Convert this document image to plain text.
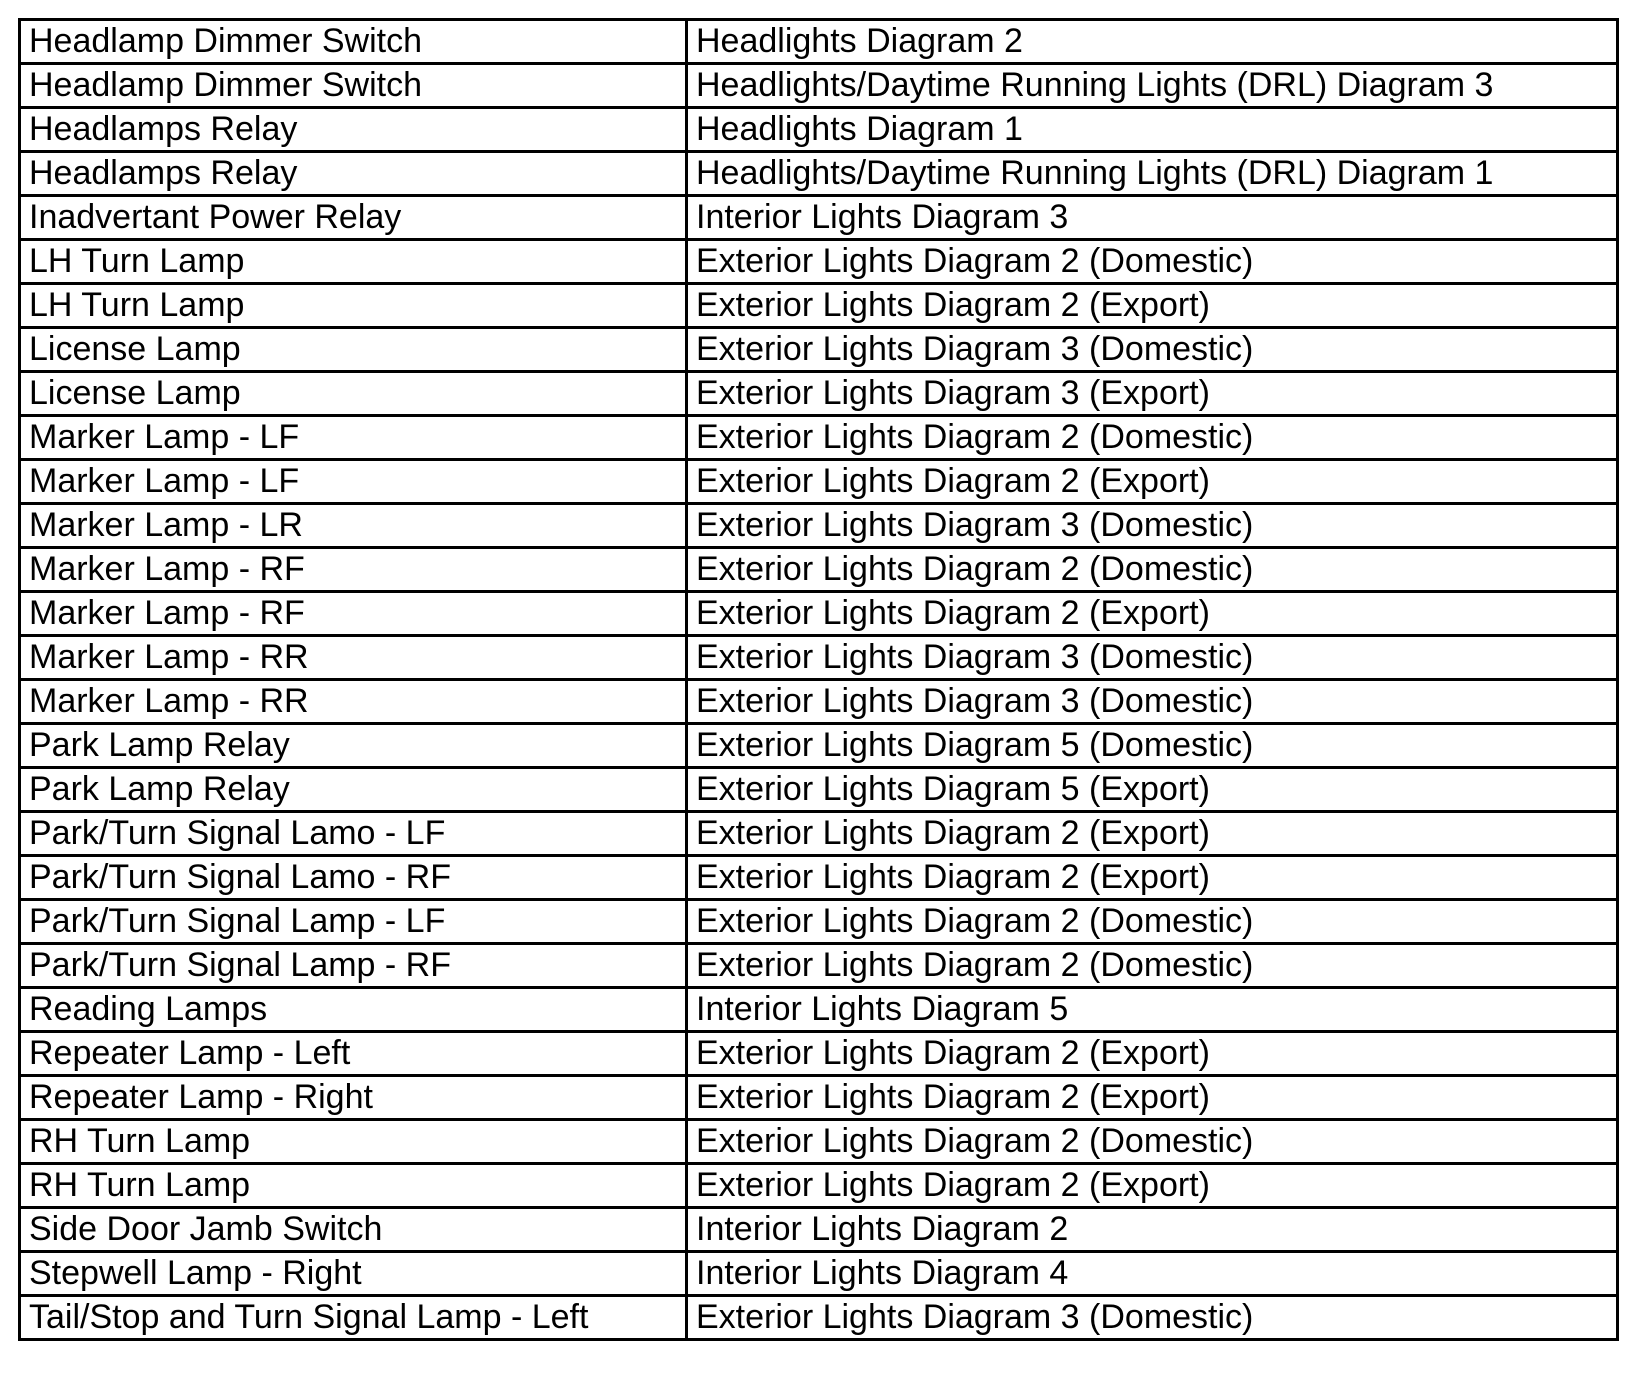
Headlamp Dimmer Switch	Headlights Diagram 2
Headlamp Dimmer Switch	Headlights/Daytime Running Lights (DRL) Diagram 3
Headlamps Relay	Headlights Diagram 1
Headlamps Relay	Headlights/Daytime Running Lights (DRL) Diagram 1
Inadvertant Power Relay	Interior Lights Diagram 3
LH Turn Lamp	Exterior Lights Diagram 2 (Domestic)
LH Turn Lamp	Exterior Lights Diagram 2 (Export)
License Lamp	Exterior Lights Diagram 3 (Domestic)
License Lamp	Exterior Lights Diagram 3 (Export)
Marker Lamp - LF	Exterior Lights Diagram 2 (Domestic)
Marker Lamp - LF	Exterior Lights Diagram 2 (Export)
Marker Lamp - LR	Exterior Lights Diagram 3 (Domestic)
Marker Lamp - RF	Exterior Lights Diagram 2 (Domestic)
Marker Lamp - RF	Exterior Lights Diagram 2 (Export)
Marker Lamp - RR	Exterior Lights Diagram 3 (Domestic)
Marker Lamp - RR	Exterior Lights Diagram 3 (Domestic)
Park Lamp Relay	Exterior Lights Diagram 5 (Domestic)
Park Lamp Relay	Exterior Lights Diagram 5 (Export)
Park/Turn Signal Lamo - LF	Exterior Lights Diagram 2 (Export)
Park/Turn Signal Lamo - RF	Exterior Lights Diagram 2 (Export)
Park/Turn Signal Lamp - LF	Exterior Lights Diagram 2 (Domestic)
Park/Turn Signal Lamp - RF	Exterior Lights Diagram 2 (Domestic)
Reading Lamps	Interior Lights Diagram 5
Repeater Lamp - Left	Exterior Lights Diagram 2 (Export)
Repeater Lamp - Right	Exterior Lights Diagram 2 (Export)
RH Turn Lamp	Exterior Lights Diagram 2 (Domestic)
RH Turn Lamp	Exterior Lights Diagram 2 (Export)
Side Door Jamb Switch	Interior Lights Diagram 2
Stepwell Lamp - Right	Interior Lights Diagram 4
Tail/Stop and Turn Signal Lamp - Left	Exterior Lights Diagram 3 (Domestic)
